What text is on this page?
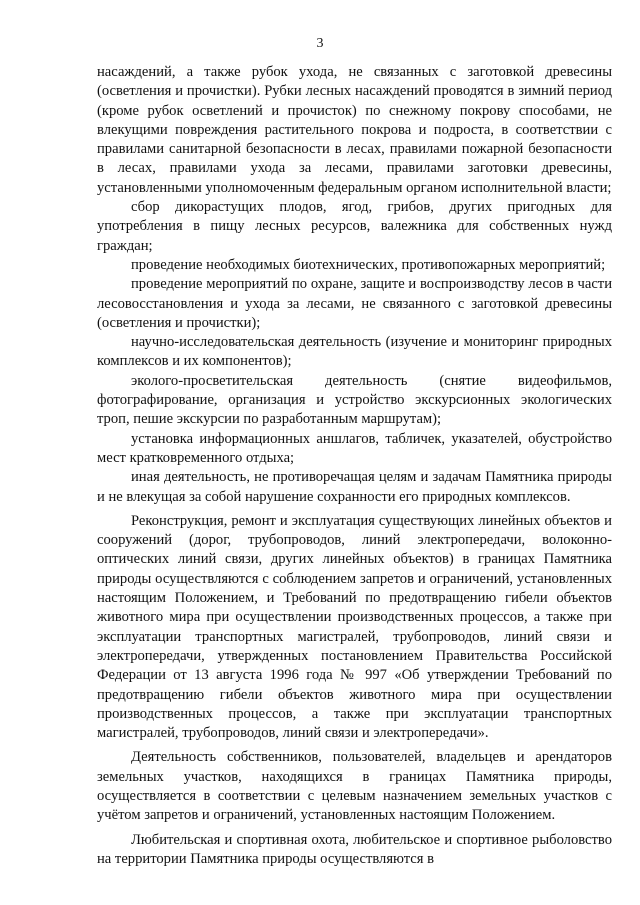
3

насаждений, а также рубок ухода, не связанных с заготовкой древесины (осветления и прочистки). Рубки лесных насаждений проводятся в зимний период (кроме рубок осветлений и прочисток) по снежному покрову способами, не влекущими повреждения растительного покрова и подроста, в соответствии с правилами санитарной безопасности в лесах, правилами пожарной безопасности в лесах, правилами ухода за лесами, правилами заготовки древесины, установленными уполномоченным федеральным органом исполнительной власти;

сбор дикорастущих плодов, ягод, грибов, других пригодных для употребления в пищу лесных ресурсов, валежника для собственных нужд граждан;

проведение необходимых биотехнических, противопожарных мероприятий;

проведение мероприятий по охране, защите и воспроизводству лесов в части лесовосстановления и ухода за лесами, не связанного с заготовкой древесины (осветления и прочистки);

научно-исследовательская деятельность (изучение и мониторинг природных комплексов и их компонентов);

эколого-просветительская деятельность (снятие видеофильмов, фотографирование, организация и устройство экскурсионных экологических троп, пешие экскурсии по разработанным маршрутам);

установка информационных аншлагов, табличек, указателей, обустройство мест кратковременного отдыха;

иная деятельность, не противоречащая целям и задачам Памятника природы и не влекущая за собой нарушение сохранности его природных комплексов.

Реконструкция, ремонт и эксплуатация существующих линейных объектов и сооружений (дорог, трубопроводов, линий электропередачи, волоконно-оптических линий связи, других линейных объектов) в границах Памятника природы осуществляются с соблюдением запретов и ограничений, установленных настоящим Положением, и Требований по предотвращению гибели объектов животного мира при осуществлении производственных процессов, а также при эксплуатации транспортных магистралей, трубопроводов, линий связи и электропередачи, утвержденных постановлением Правительства Российской Федерации от 13 августа 1996 года № 997 «Об утверждении Требований по предотвращению гибели объектов животного мира при осуществлении производственных процессов, а также при эксплуатации транспортных магистралей, трубопроводов, линий связи и электропередачи».

Деятельность собственников, пользователей, владельцев и арендаторов земельных участков, находящихся в границах Памятника природы, осуществляется в соответствии с целевым назначением земельных участков с учётом запретов и ограничений, установленных настоящим Положением.

Любительская и спортивная охота, любительское и спортивное рыболовство на территории Памятника природы осуществляются в
